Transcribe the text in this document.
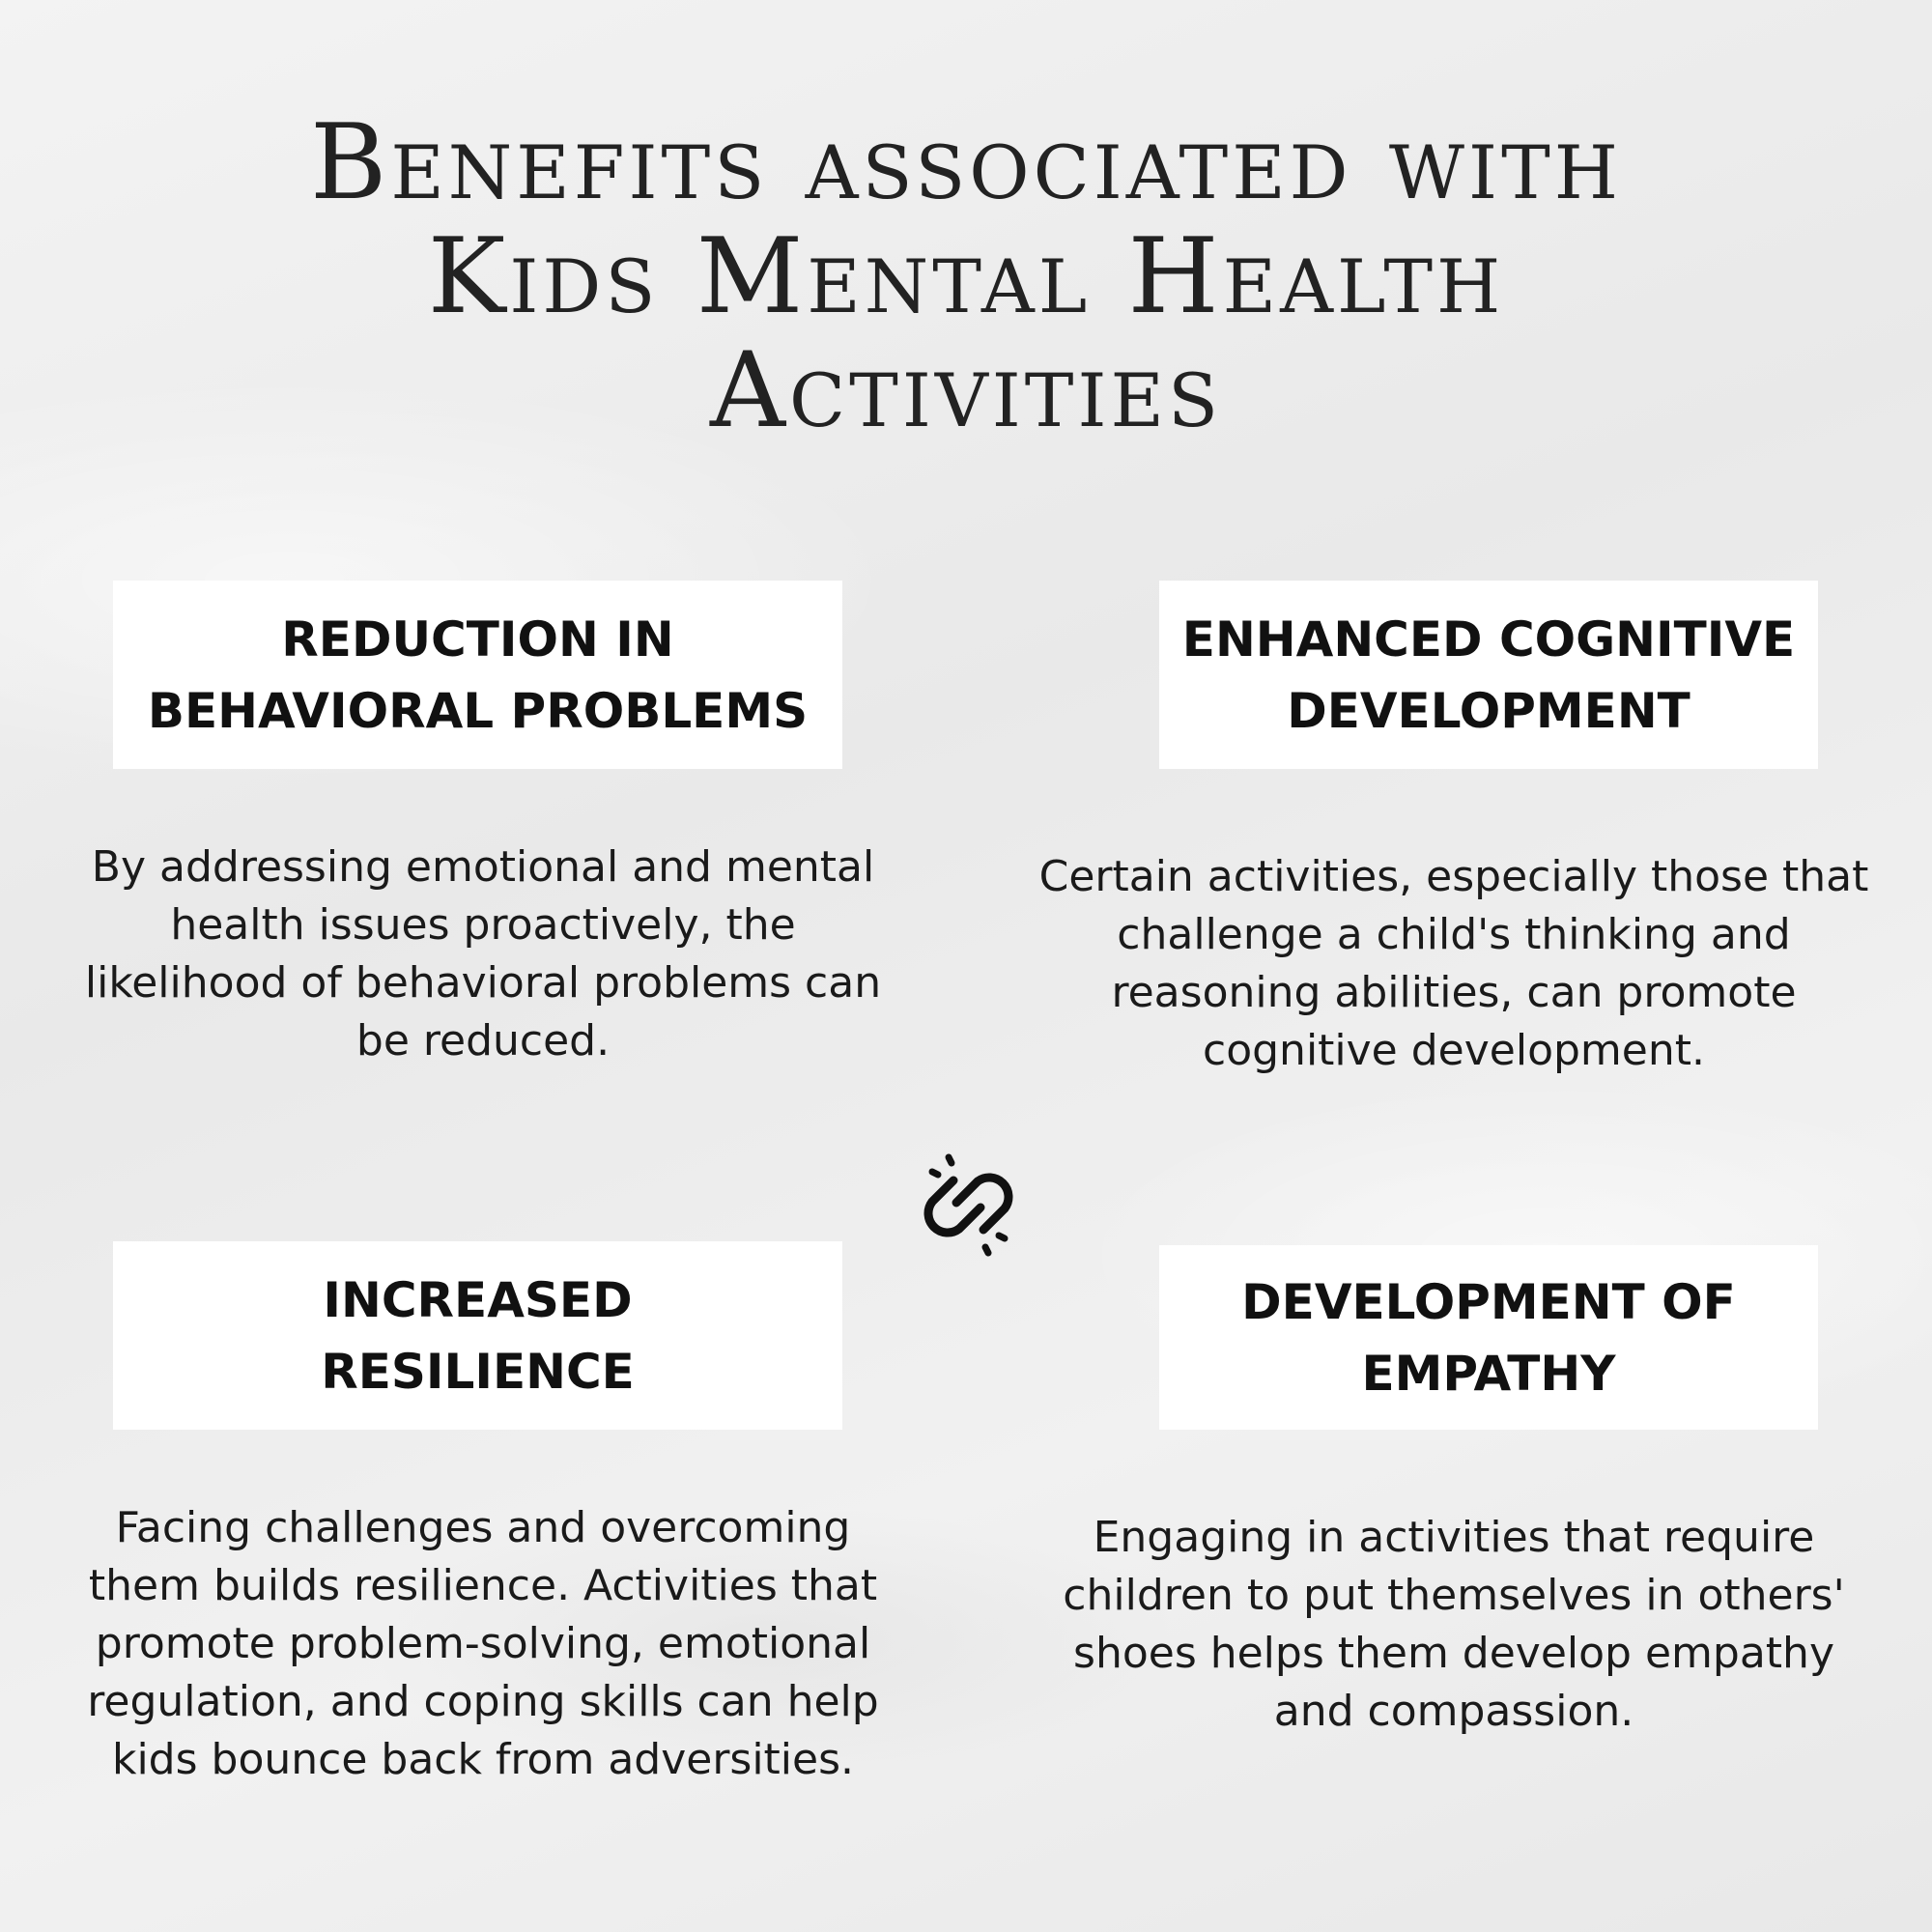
Benefits associated with
Kids Mental Health
Activities
REDUCTION IN
BEHAVIORAL PROBLEMS

By addressing emotional and mental health issues proactively, the likelihood of behavioral problems can be reduced.

ENHANCED COGNITIVE
DEVELOPMENT

Certain activities, especially those that challenge a child's thinking and reasoning abilities, can promote cognitive development.

INCREASED
RESILIENCE

Facing challenges and overcoming them builds resilience. Activities that promote problem-solving, emotional regulation, and coping skills can help kids bounce back from adversities.

DEVELOPMENT OF
EMPATHY

Engaging in activities that require children to put themselves in others' shoes helps them develop empathy and compassion.
